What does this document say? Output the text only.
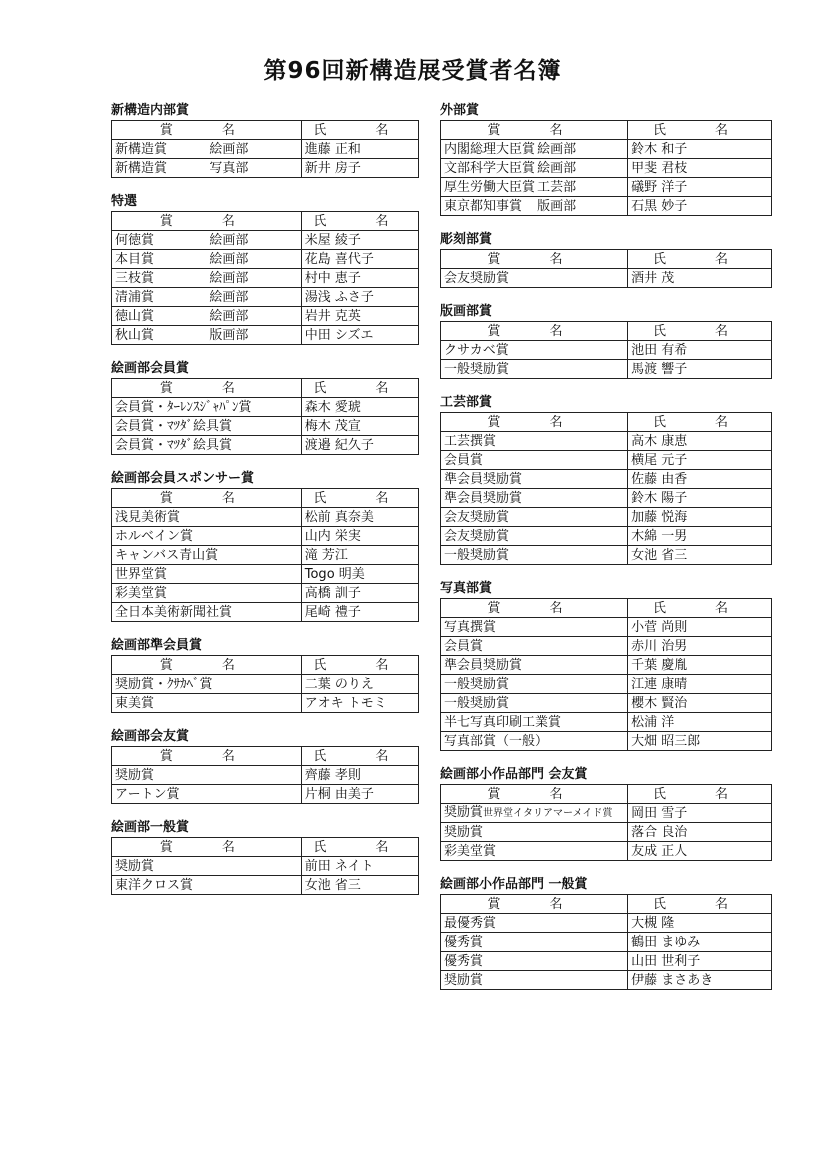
第96回新構造展受賞者名簿
新構造内部賞
賞　名		氏　名
新構造賞	絵画部	進藤 正和
新構造賞	写真部	新井 房子
特選
賞　名		氏　名
何徳賞	絵画部	米屋 綾子
本目賞	絵画部	花島 喜代子
三枝賞	絵画部	村中 恵子
清浦賞	絵画部	湯浅 ふさ子
徳山賞	絵画部	岩井 克英
秋山賞	版画部	中田 シズエ
絵画部会員賞
賞　名		氏　名
会員賞・ﾀｰﾚﾝｽｼﾞｬﾊﾟﾝ賞		森木 愛琥
会員賞・ﾏﾂﾀﾞ絵具賞		梅木 茂宣
会員賞・ﾏﾂﾀﾞ絵具賞		渡邉 紀久子
絵画部会員スポンサー賞
賞　名		氏　名
浅見美術賞		松前 真奈美
ホルベイン賞		山内 栄実
キャンバス青山賞		滝 芳江
世界堂賞		Togo 明美
彩美堂賞		高橋 訓子
全日本美術新聞社賞		尾崎 禮子
絵画部準会員賞
賞　名		氏　名
奨励賞・ｸｻｶﾍﾞ賞		二葉 のりえ
東美賞		アオキ トモミ
絵画部会友賞
賞　名		氏　名
奨励賞		齊藤 孝則
アートン賞		片桐 由美子
絵画部一般賞
賞　名		氏　名
奨励賞		前田 ネイト
東洋クロス賞		女池 省三
外部賞
賞　名		氏　名
内閣総理大臣賞	絵画部	鈴木 和子
文部科学大臣賞	絵画部	甲斐 君枝
厚生労働大臣賞	工芸部	礒野 洋子
東京都知事賞	版画部	石黒 妙子
彫刻部賞
賞　名		氏　名
会友奨励賞		酒井 茂
版画部賞
賞　名		氏　名
クサカベ賞		池田 有希
一般奨励賞		馬渡 響子
工芸部賞
賞　名		氏　名
工芸撰賞		高木 康恵
会員賞		横尾 元子
準会員奨励賞		佐藤 由香
準会員奨励賞		鈴木 陽子
会友奨励賞		加藤 悦海
会友奨励賞		木綿 一男
一般奨励賞		女池 省三
写真部賞
賞　名		氏　名
写真撰賞		小菅 尚則
会員賞		赤川 治男
準会員奨励賞		千葉 慶胤
一般奨励賞		江連 康晴
一般奨励賞		櫻木 賢治
半七写真印刷工業賞		松浦 洋
写真部賞（一般）		大畑 昭三郎
絵画部小作品部門 会友賞
賞　名		氏　名
奨励賞世界堂イタリアマーメイド賞		岡田 雪子
奨励賞		落合 良治
彩美堂賞		友成 正人
絵画部小作品部門 一般賞
賞　名		氏　名
最優秀賞		大槻 隆
優秀賞		鶴田 まゆみ
優秀賞		山田 世利子
奨励賞		伊藤 まさあき
